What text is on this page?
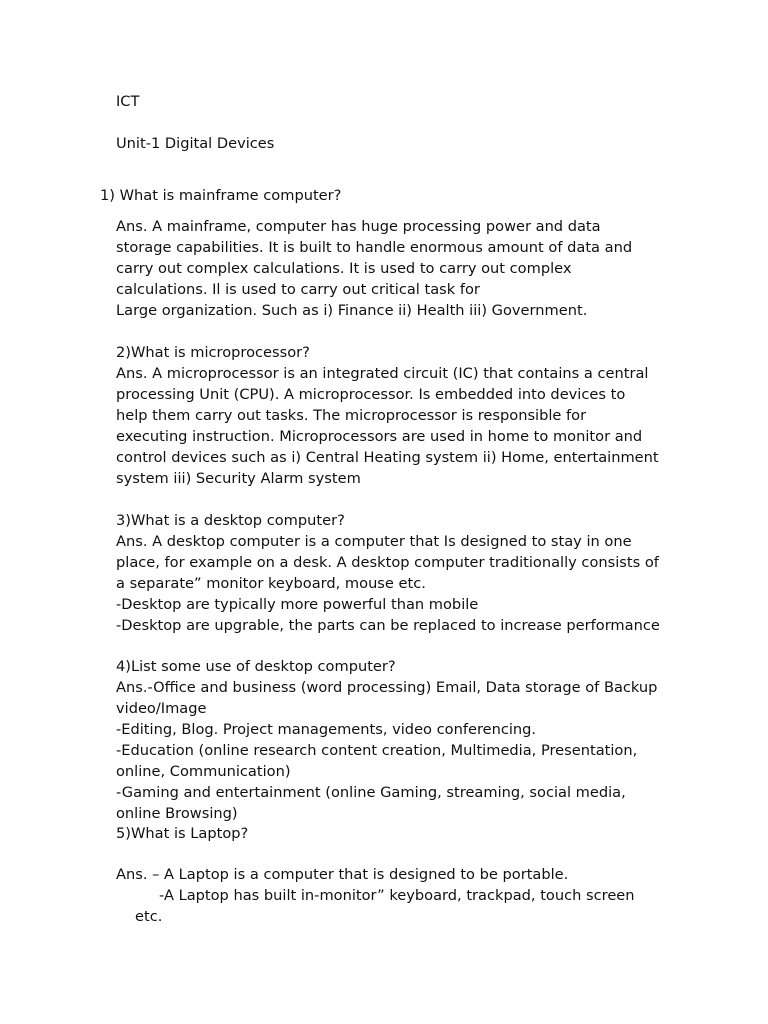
ICT
Unit-1 Digital Devices
1) What is mainframe computer?
Ans. A mainframe, computer has huge processing power and data
storage capabilities. It is built to handle enormous amount of data and
carry out complex calculations. It is used to carry out complex
calculations. Il is used to carry out critical task for
Large organization. Such as i) Finance ii) Health iii) Government.
2)What is microprocessor?
Ans. A microprocessor is an integrated circuit (IC) that contains a central
processing Unit (CPU). A microprocessor. Is embedded into devices to
help them carry out tasks. The microprocessor is responsible for
executing instruction. Microprocessors are used in home to monitor and
control devices such as i) Central Heating system ii) Home, entertainment
system iii) Security Alarm system
3)What is a desktop computer?
Ans. A desktop computer is a computer that Is designed to stay in one
place, for example on a desk. A desktop computer traditionally consists of
a separate” monitor keyboard, mouse etc.
-Desktop are typically more powerful than mobile
-Desktop are upgrable, the parts can be replaced to increase performance
4)List some use of desktop computer?
Ans.-Office and business (word processing) Email, Data storage of Backup
video/Image
-Editing, Blog. Project managements, video conferencing.
-Education (online research content creation, Multimedia, Presentation,
online, Communication)
-Gaming and entertainment (online Gaming, streaming, social media,
online Browsing)
5)What is Laptop?
Ans. – A Laptop is a computer that is designed to be portable.
-A Laptop has built in-monitor” keyboard, trackpad, touch screen
etc.
